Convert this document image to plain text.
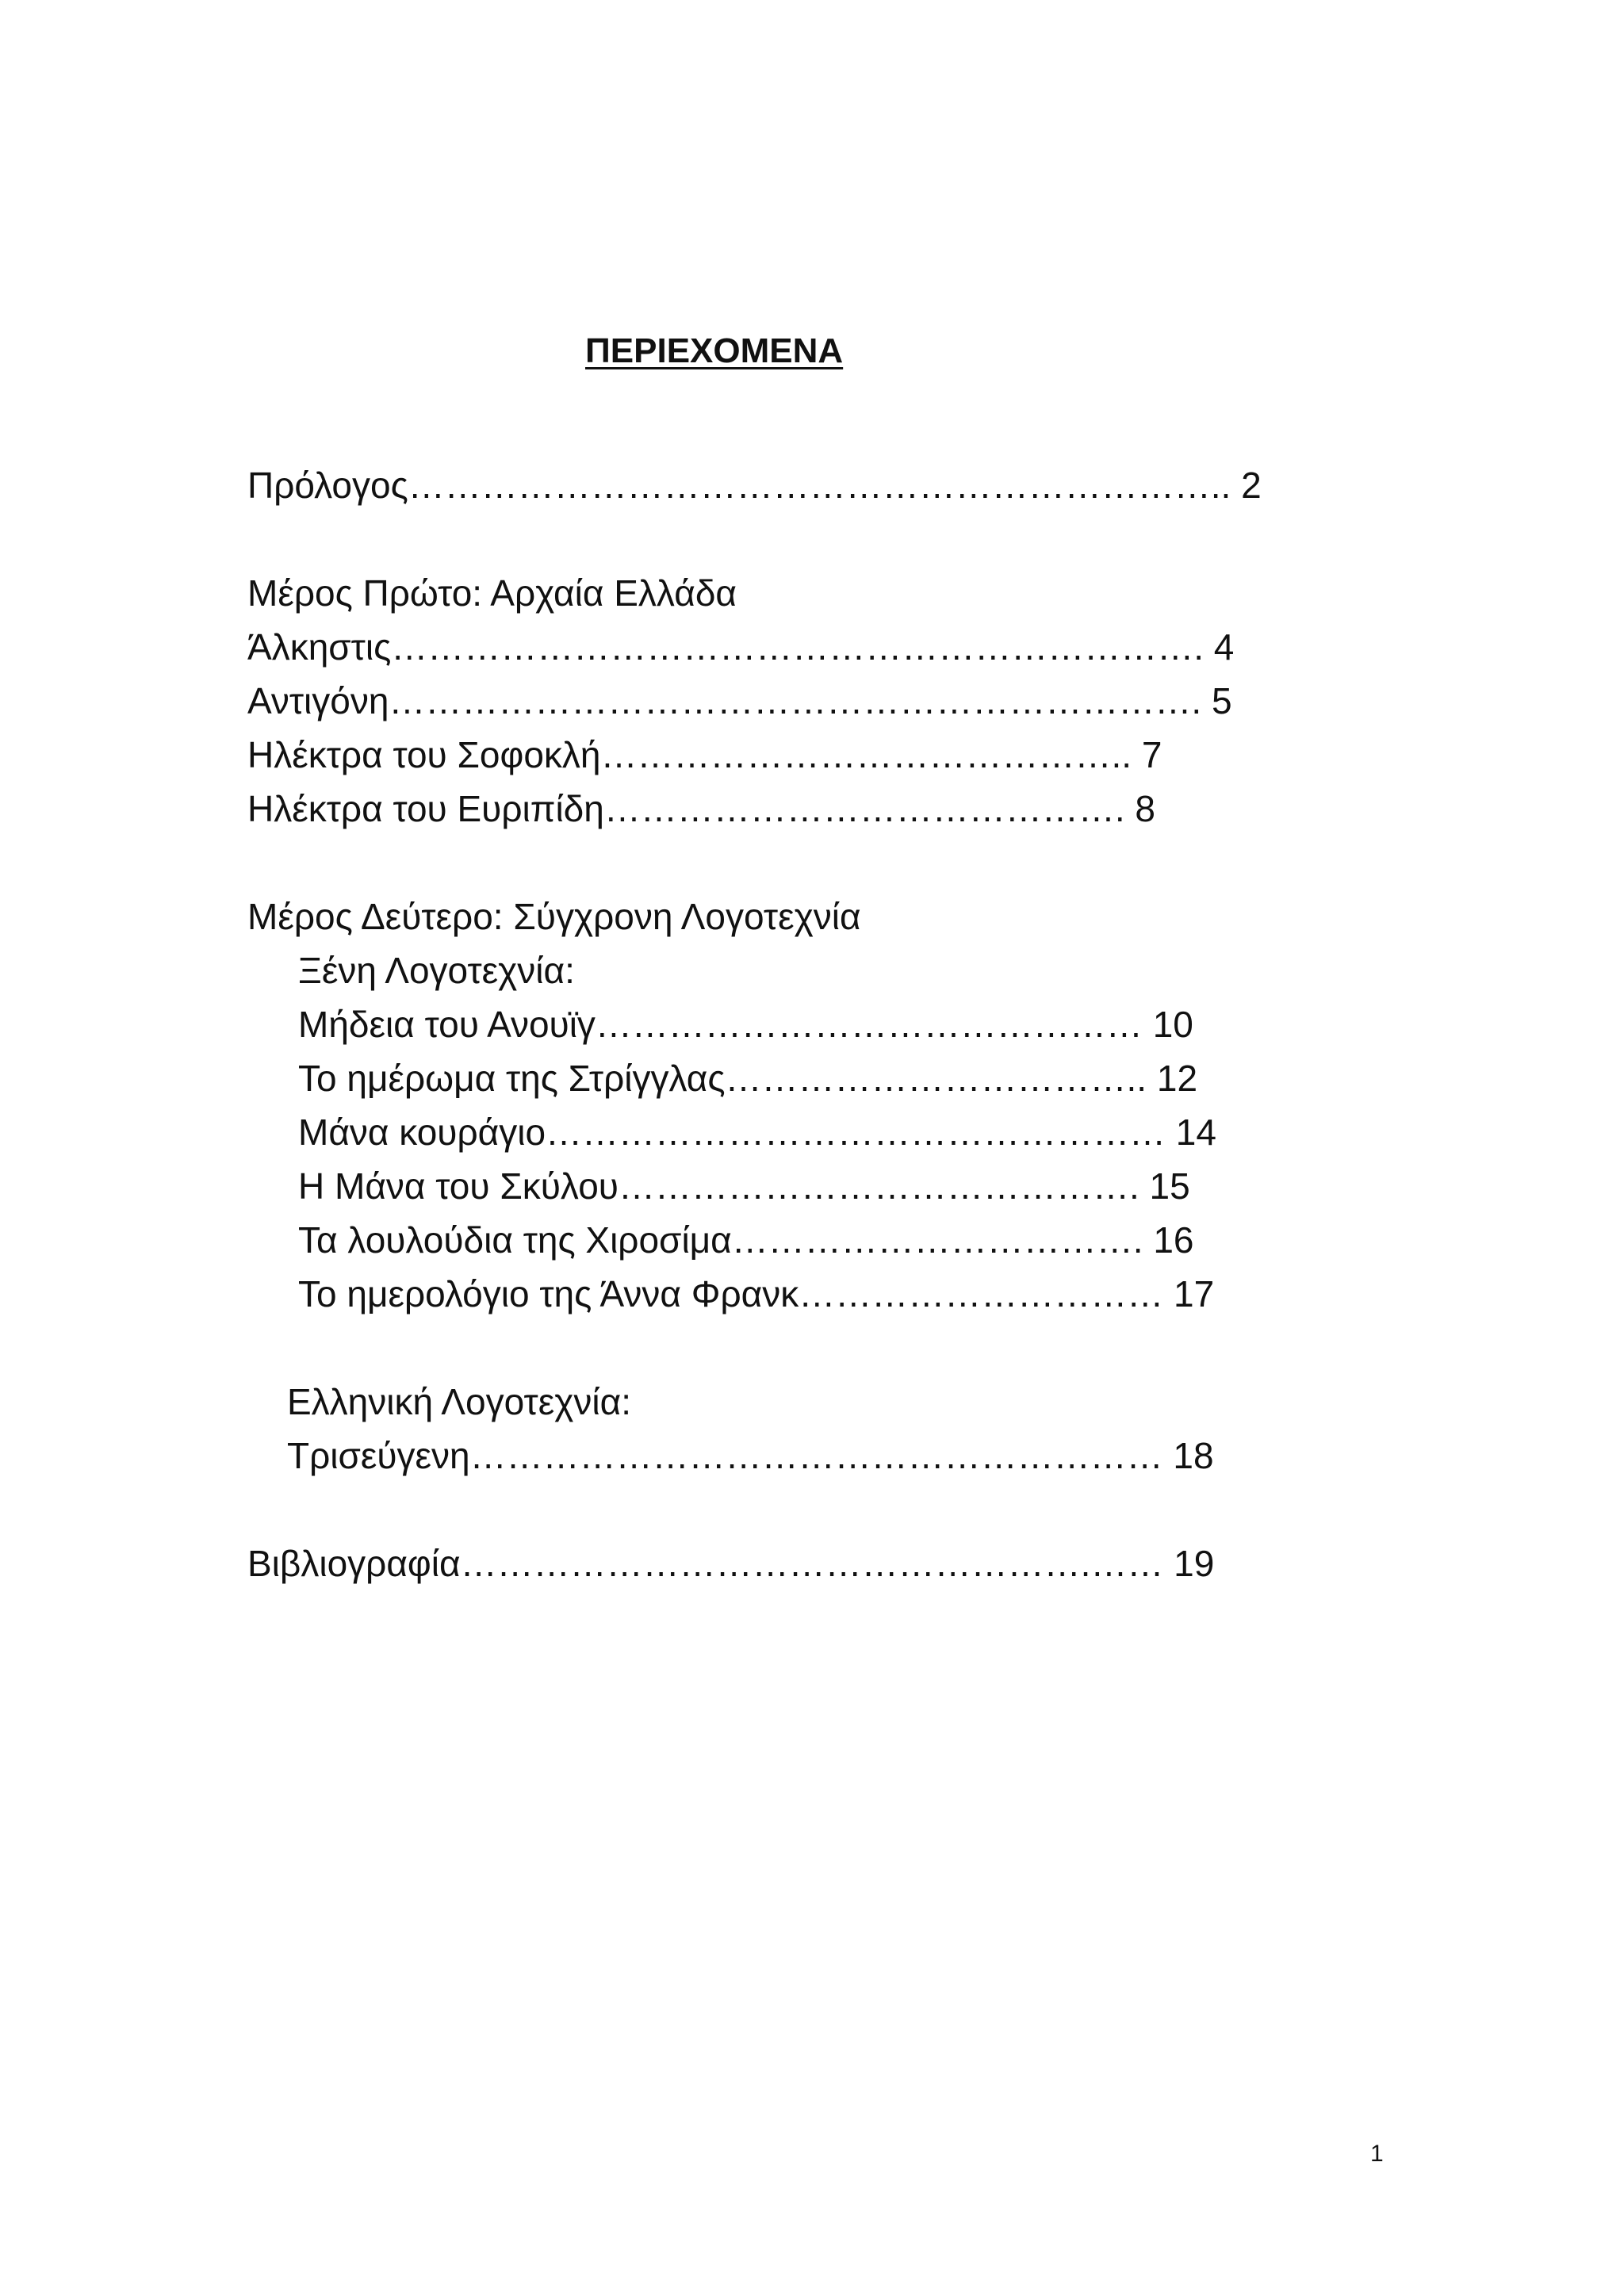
ΠΕΡΙΕΧΟΜΕΝΑ

Πρόλογος………………………………………………………….. 2

Μέρος Πρώτο: Αρχαία Ελλάδα

Άλκηστις…………………………………………………………. 4

Αντιγόνη…………………………………………………………. 5

Ηλέκτρα του Σοφοκλή…………………………………….. 7

Ηλέκτρα του Ευριπίδη……………………………………. 8

Μέρος Δεύτερο: Σύγχρονη Λογοτεχνία

Ξένη Λογοτεχνία:

Μήδεια του Ανουϊγ……………………………………… 10

Το ημέρωμα της Στρίγγλας…………………………….. 12

Μάνα κουράγιο…………………………………………… 14

Η Μάνα του Σκύλου……………………………………. 15

Τα λουλούδια της Χιροσίμα……………………………. 16

Το ημερολόγιο της Άννα Φρανκ………………………… 17

Ελληνική Λογοτεχνία:

Τρισεύγενη………………………………………………… 18

Βιβλιογραφία…………………………………………….…… 19

1
